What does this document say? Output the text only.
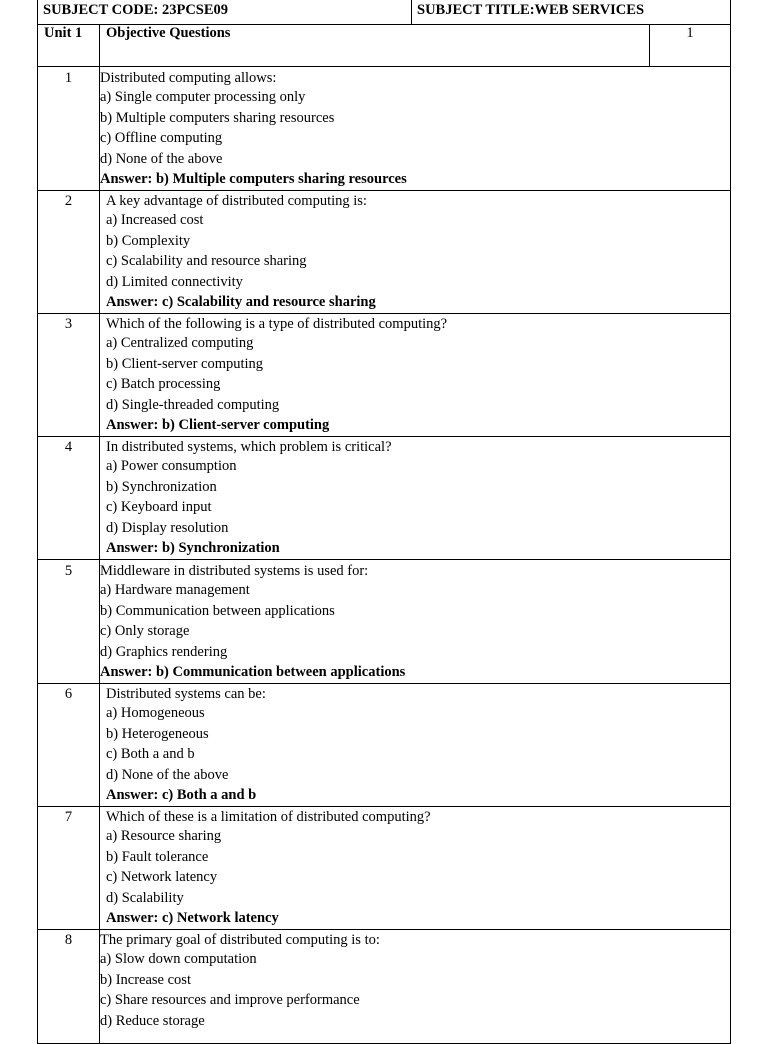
SUBJECT CODE: 23PCSE09	SUBJECT TITLE:WEB SERVICES
Unit 1	Objective Questions	1
1	Distributed computing allows:
a) Single computer processing only
b) Multiple computers sharing resources
c) Offline computing
d) None of the above
Answer: b) Multiple computers sharing resources
2	A key advantage of distributed computing is:
a) Increased cost
b) Complexity
c) Scalability and resource sharing
d) Limited connectivity
Answer: c) Scalability and resource sharing
3	Which of the following is a type of distributed computing?
a) Centralized computing
b) Client-server computing
c) Batch processing
d) Single-threaded computing
Answer: b) Client-server computing
4	In distributed systems, which problem is critical?
a) Power consumption
b) Synchronization
c) Keyboard input
d) Display resolution
Answer: b) Synchronization
5	Middleware in distributed systems is used for:
a) Hardware management
b) Communication between applications
c) Only storage
d) Graphics rendering
Answer: b) Communication between applications
6	Distributed systems can be:
a) Homogeneous
b) Heterogeneous
c) Both a and b
d) None of the above
Answer: c) Both a and b
7	Which of these is a limitation of distributed computing?
a) Resource sharing
b) Fault tolerance
c) Network latency
d) Scalability
Answer: c) Network latency
8	The primary goal of distributed computing is to:
a) Slow down computation
b) Increase cost
c) Share resources and improve performance
d) Reduce storage
